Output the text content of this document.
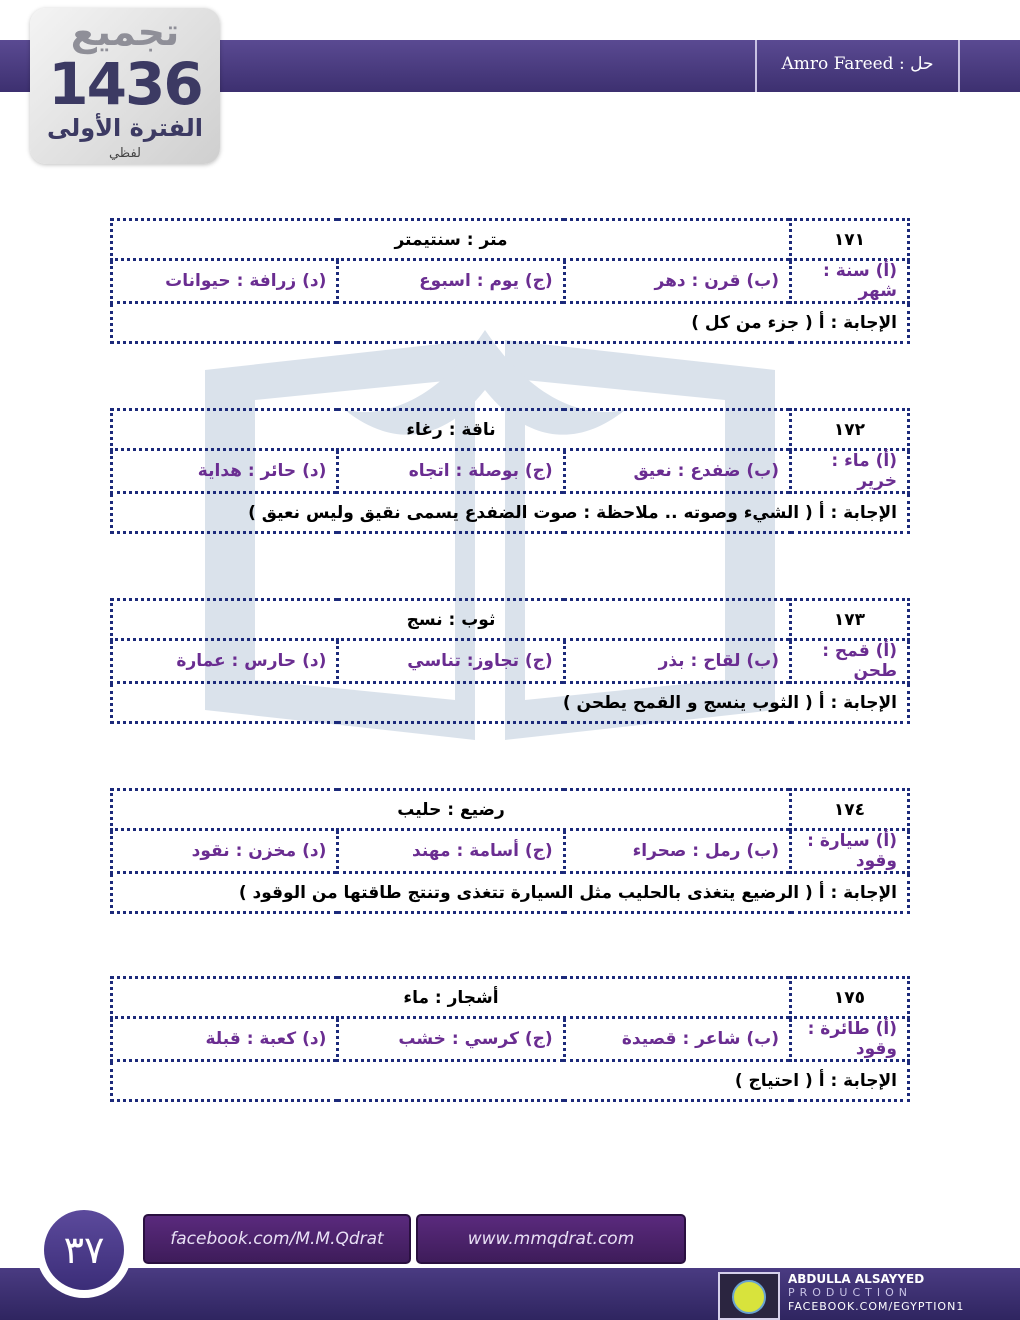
حل : Amro Fareed
تجميع
1436
الفترة الأولى
لفظي
١٧١	متر : سنتيمتر		
(أ) سنة : شهر	(ب) قرن : دهر	(ج) يوم : اسبوع	(د) زرافة : حيوانات
الإجابة : أ ( جزء من كل )			
١٧٢	ناقة : رغاء		
(أ) ماء : خرير	(ب) ضفدع : نعيق	(ج) بوصلة : اتجاه	(د) حائر : هداية
الإجابة : أ ( الشيء وصوته .. ملاحظة : صوت الضفدع يسمى نقيق وليس نعيق )			
١٧٣	ثوب : نسج		
(أ) قمح : طحن	(ب) لقاح : بذر	(ج) تجاوز: تناسي	(د) حارس : عمارة
الإجابة : أ ( الثوب ينسج و القمح يطحن )			
١٧٤	رضيع : حليب		
(أ) سيارة : وقود	(ب) رمل : صحراء	(ج) أسامة : مهند	(د) مخزن : نقود
الإجابة : أ ( الرضيع يتغذى بالحليب مثل السيارة تتغذى وتنتج طاقتها من الوقود )			
١٧٥	أشجار : ماء		
(أ) طائرة : وقود	(ب) شاعر : قصيدة	(ج) كرسي : خشب	(د) كعبة : قبلة
الإجابة : أ ( احتياج )			
٣٧	facebook.com/M.M.Qdrat	www.mmqdrat.com
ABDULLA ALSAYYED
PRODUCTION
FACEBOOK.COM/EGYPTION1
